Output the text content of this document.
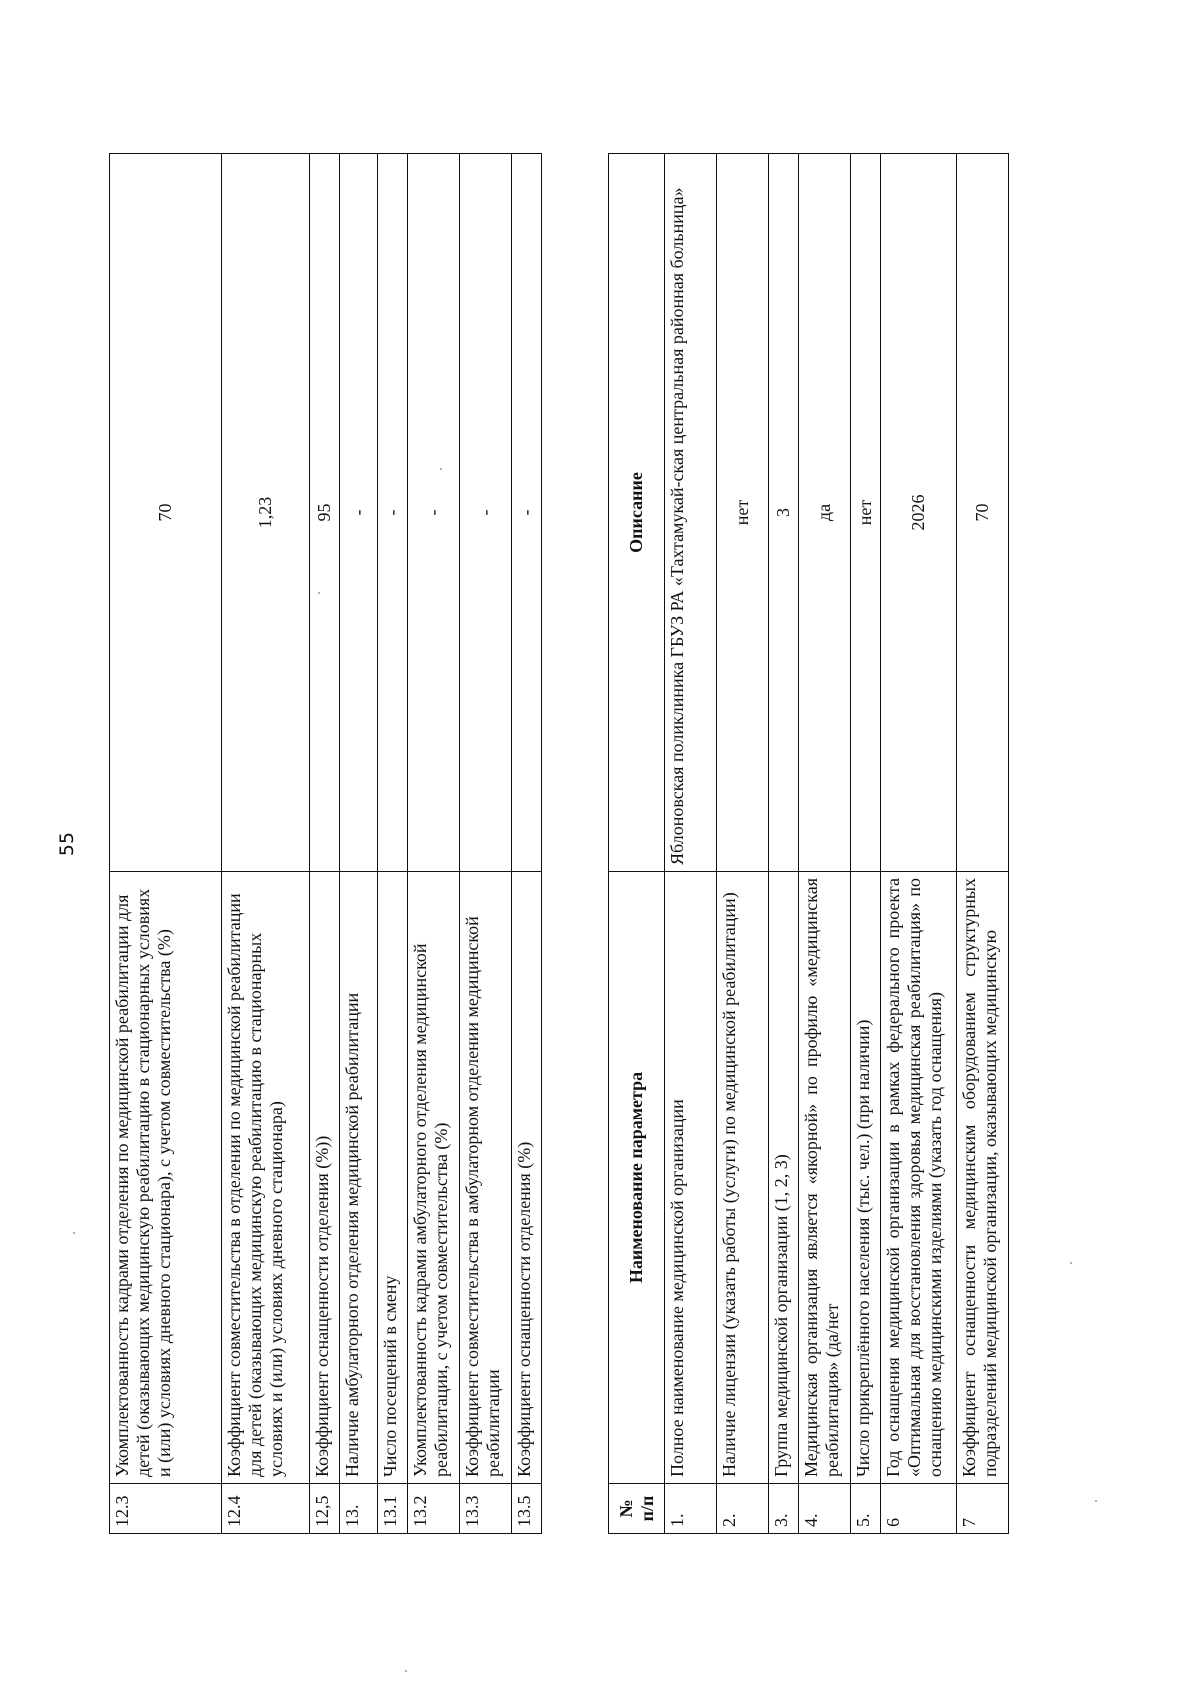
55
12.3	Укомплектованность кадрами отделения по медицинской реабилитации для детей (оказывающих медицинскую реабилитацию в стационарных условиях и (или) условиях дневного стационара), с учетом совместительства (%)	70
12.4	Коэффициент совместительства в отделении по медицинской реабилитации для детей (оказывающих медицинскую реабилитацию в стационарных условиях и (или) условиях дневного стационара)	1,23
12,5	Коэффициент оснащенности отделения (%))	95
13.	Наличие амбулаторного отделения медицинской реабилитации	-
13.1	Число посещений в смену	-
13.2	Укомплектованность кадрами амбулаторного отделения медицинской реабилитации, с учетом совместительства (%)	-
13.3	Коэффициент совместительства в амбулаторном отделении медицинской реабилитации	-
13.5	Коэффициент оснащенности отделения (%)	-
№ п/п	Наименование параметра	Описание
1.	Полное наименование медицинской организации	Яблоновская поликлиника ГБУЗ РА «Тахтамукай-ская центральная районная больница»
2.	Наличие лицензии (указать работы (услуги) по медицинской реабилитации)	нет
3.	Группа медицинской организации (1, 2, 3)	3
4.	Медицинская организация является «якорной» по профилю «медицинская реабилитация» (да/нет	да
5.	Число прикреплённого населения (тыс. чел.) (при наличии)	нет
6	Год оснащения медицинской организации в рамках федерального проекта «Оптимальная для восстановления здоровья медицинская реабилитация» по оснащению медицинскими изделиями (указать год оснащения)	2026
7	Коэффициент оснащенности медицинским оборудованием структурных подразделений медицинской организации, оказывающих медицинскую	70
